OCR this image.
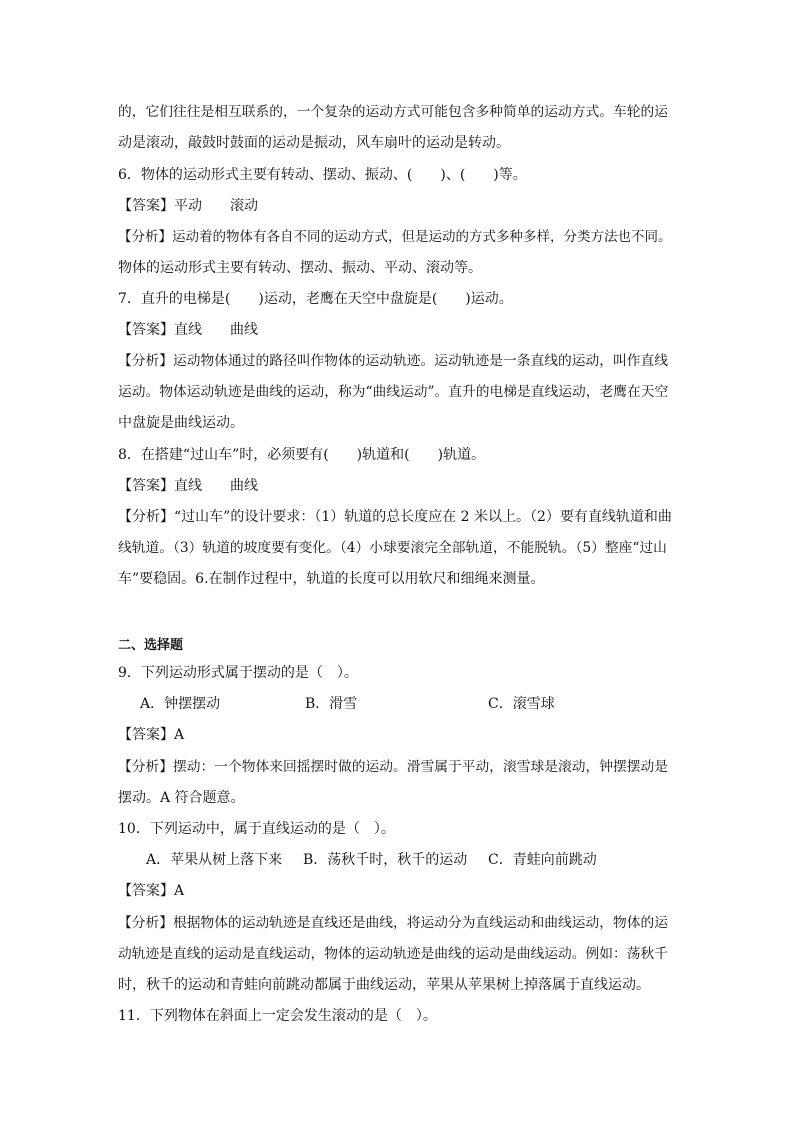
的，它们往往是相互联系的，一个复杂的运动方式可能包含多种简单的运动方式。车轮的运
动是滚动，敲鼓时鼓面的运动是振动，风车扇叶的运动是转动。
6．物体的运动形式主要有转动、摆动、振动、(　　)、(　　)等。
【答案】平动　　滚动
【分析】运动着的物体有各自不同的运动方式，但是运动的方式多种多样，分类方法也不同。
物体的运动形式主要有转动、摆动、振动、平动、滚动等。
7．直升的电梯是(　　)运动，老鹰在天空中盘旋是(　　)运动。
【答案】直线　　曲线
【分析】运动物体通过的路径叫作物体的运动轨迹。运动轨迹是一条直线的运动，叫作直线
运动。物体运动轨迹是曲线的运动，称为“曲线运动”。直升的电梯是直线运动，老鹰在天空
中盘旋是曲线运动。
8．在搭建“过山车”时，必须要有(　　)轨道和(　　)轨道。
【答案】直线　　曲线
【分析】“过山车”的设计要求：（1）轨道的总长度应在 2 米以上。（2）要有直线轨道和曲
线轨道。（3）轨道的坡度要有变化。（4）小球要滚完全部轨道，不能脱轨。（5）整座“过山
车”要稳固。6.在制作过程中，轨道的长度可以用软尺和细绳来测量。
二、选择题
9．下列运动形式属于摆动的是（　）。
A．钟摆摆动	B．滑雪	C．滚雪球
【答案】A
【分析】摆动：一个物体来回摇摆时做的运动。滑雪属于平动，滚雪球是滚动，钟摆摆动是
摆动。A 符合题意。
10．下列运动中，属于直线运动的是（　）。
A．苹果从树上落下来 B．荡秋千时，秋千的运动 C．青蛙向前跳动
【答案】A
【分析】根据物体的运动轨迹是直线还是曲线，将运动分为直线运动和曲线运动，物体的运
动轨迹是直线的运动是直线运动，物体的运动轨迹是曲线的运动是曲线运动。例如：荡秋千
时，秋千的运动和青蛙向前跳动都属于曲线运动，苹果从苹果树上掉落属于直线运动。
11．下列物体在斜面上一定会发生滚动的是（　）。
